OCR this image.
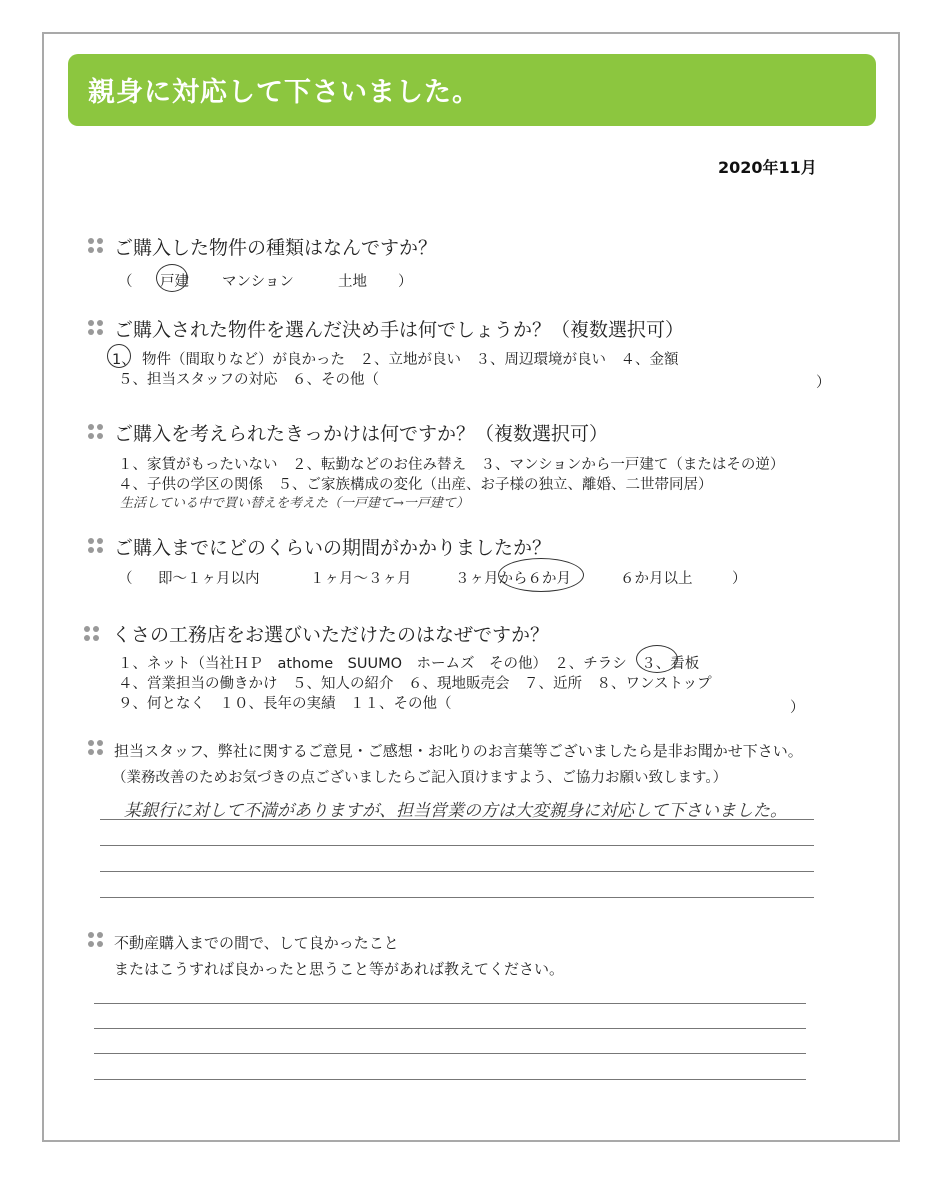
親身に対応して下さいました。
2020年11月
ご購入した物件の種類はなんですか？
（ 戸建 マンション	土地 ）
ご購入された物件を選んだ決め手は何でしょうか？（複数選択可）
1、 物件（間取りなど）が良かった　２、立地が良い　３、周辺環境が良い　４、金額
５、担当スタッフの対応　６、その他（	）
ご購入を考えられたきっかけは何ですか？（複数選択可）
１、家賃がもったいない　２、転勤などのお住み替え　３、マンションから一戸建て（またはその逆）
４、子供の学区の関係　５、ご家族構成の変化（出産、お子様の独立、離婚、二世帯同居）
生活している中で買い替えを考えた（一戸建て→一戸建て）
ご購入までにどのくらいの期間がかかりましたか？
（ 即～１ヶ月以内	１ヶ月～３ヶ月	３ヶ月から６か月	６か月以上	）
くさの工務店をお選びいただけたのはなぜですか？
１、ネット（当社ＨＰ　athome　SUUMO　ホームズ　その他）　２、チラシ　３、看板
４、営業担当の働きかけ　５、知人の紹介　６、現地販売会　７、近所　８、ワンストップ
９、何となく　１０、長年の実績　１１、その他（	）
担当スタッフ、弊社に関するご意見・ご感想・お叱りのお言葉等ございましたら是非お聞かせ下さい。
（業務改善のためお気づきの点ございましたらご記入頂けますよう、ご協力お願い致します。）
某銀行に対して不満がありますが、担当営業の方は大変親身に対応して下さいました。
不動産購入までの間で、して良かったこと
またはこうすれば良かったと思うこと等があれば教えてください。
